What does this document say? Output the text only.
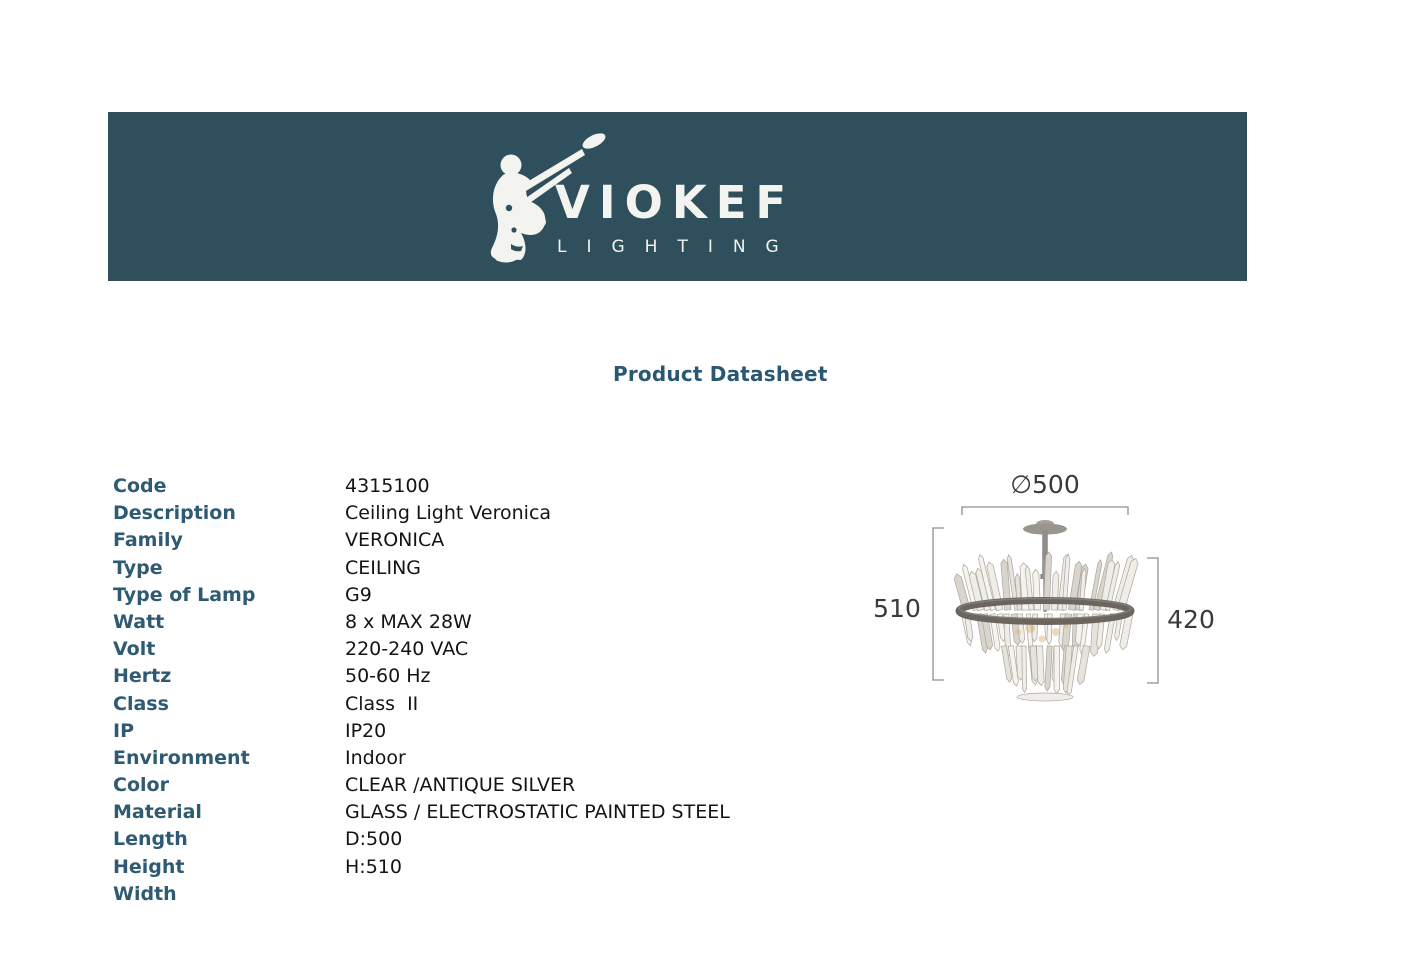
VIOKEF
LIGHTING
Product Datasheet
Code	4315100
Description	Ceiling Light Veronica
Family	VERONICA
Type	CEILING
Type of Lamp	G9
Watt	8 x MAX 28W
Volt	220-240 VAC
Hertz	50-60 Hz
Class	Class  II
IP	IP20
Environment	Indoor
Color	CLEAR /ANTIQUE SILVER
Material	GLASS / ELECTROSTATIC PAINTED STEEL
Length	D:500
Height	H:510
Width
∅500
510	420
